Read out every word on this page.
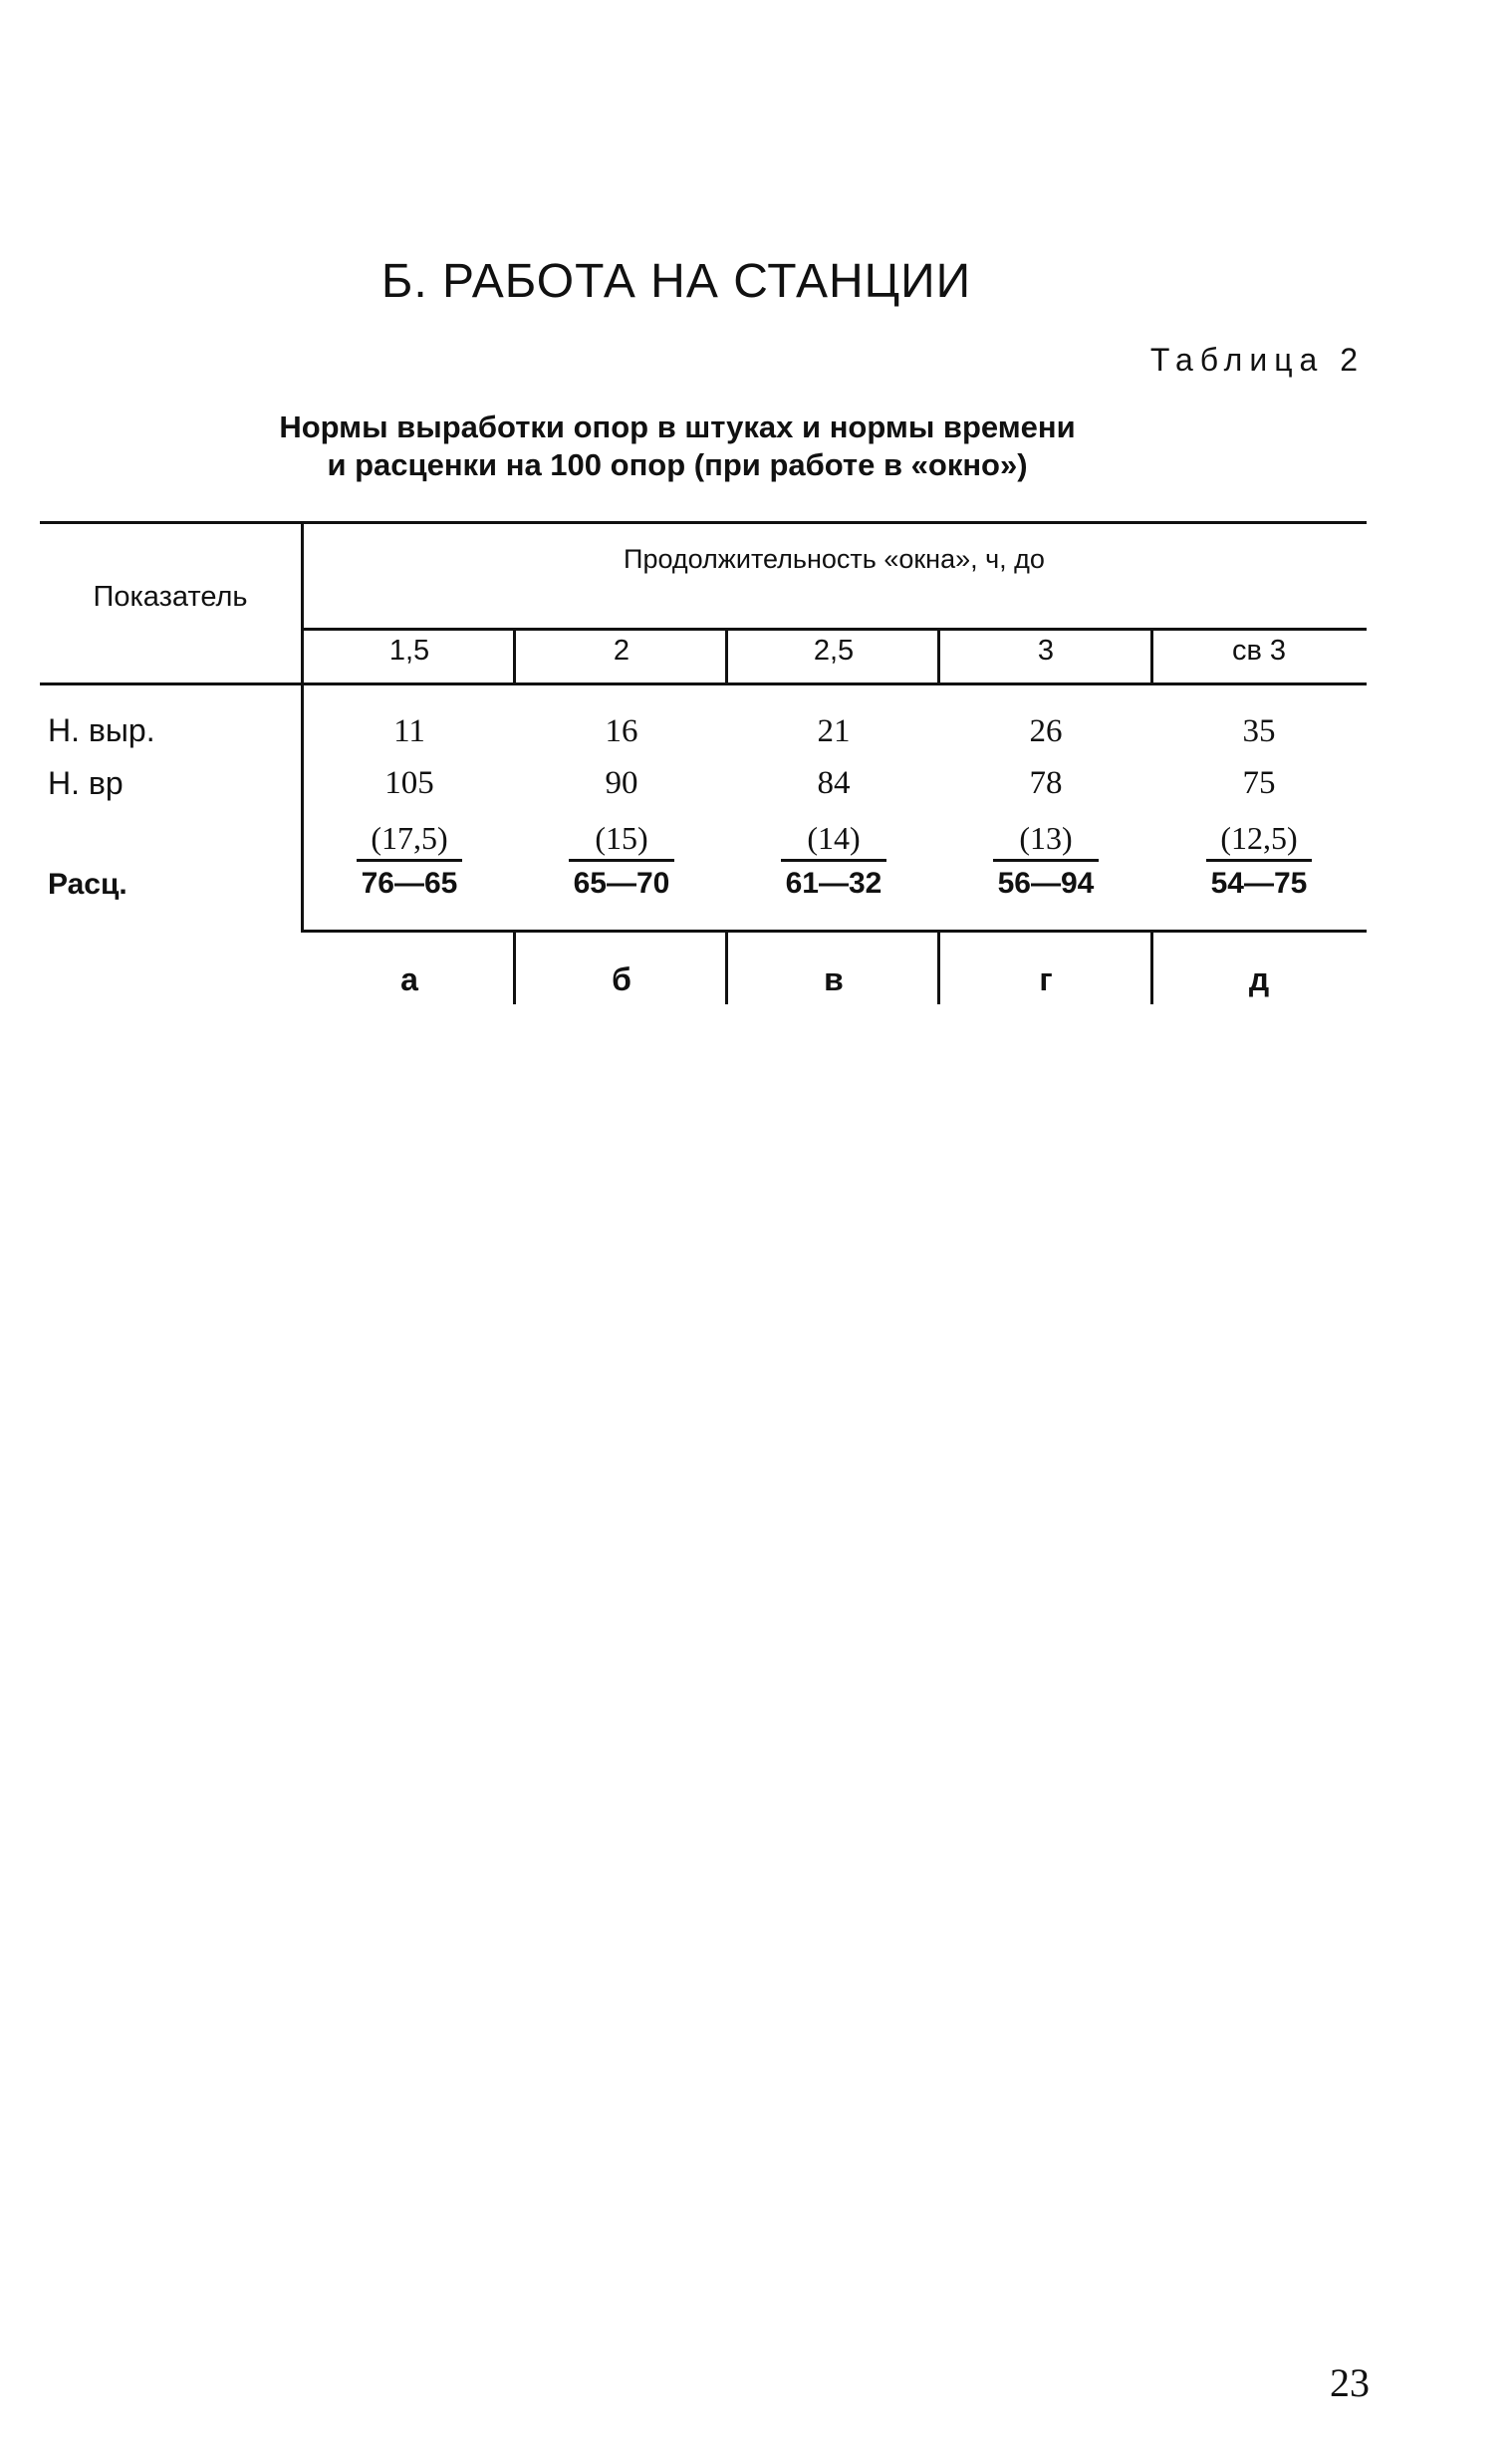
Б. РАБОТА НА СТАНЦИИ
Таблица 2
Нормы выработки опор в штуках и нормы времени
и расценки на 100 опор (при работе в «окно»)
Показатель
Продолжительность «окна», ч, до
1,5	2	2,5	3	св 3
Н. выр.	11	16	21	26	35
Н. вр	105	90	84	78	75
Расц.
(17,5)	(15)	(14)	(13)	(12,5)
76—65	65—70	61—32	56—94	54—75
а	б	в	г	д
23
